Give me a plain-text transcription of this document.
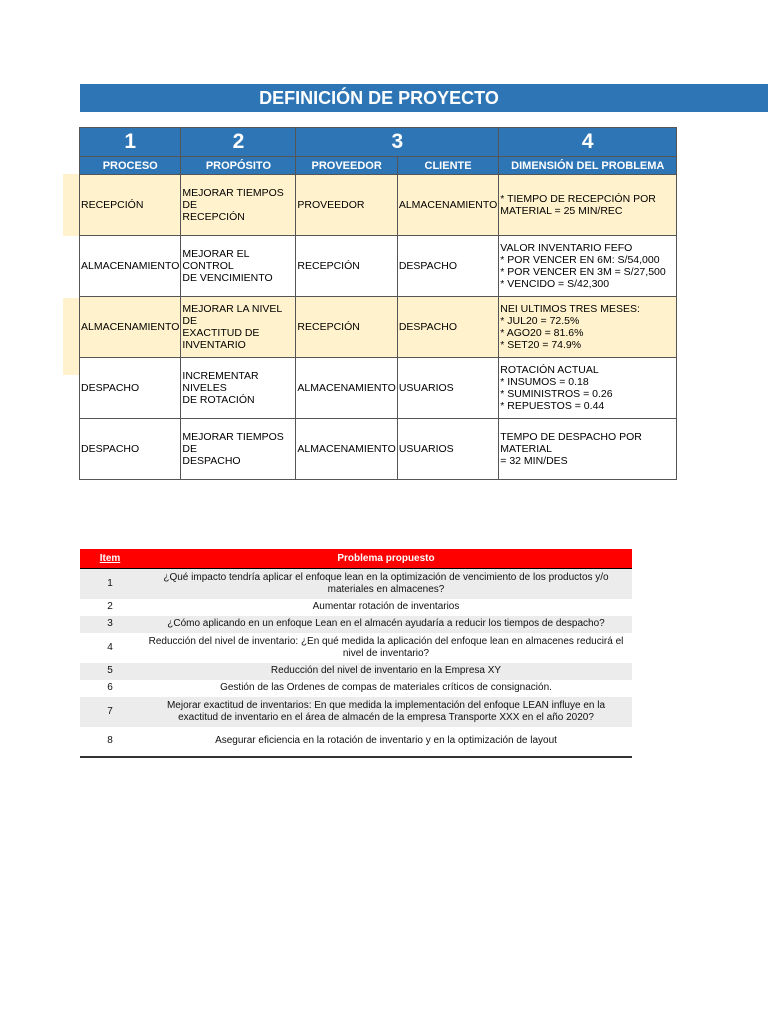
DEFINICIÓN DE PROYECTO
1	2	3		4
PROCESO	PROPÓSITO	PROVEEDOR	CLIENTE	DIMENSIÓN DEL PROBLEMA

RECEPCIÓN	MEJORAR TIEMPOS DE
RECEPCIÓN	PROVEEDOR	ALMACENAMIENTO	* TIEMPO DE RECEPCIÓN POR
MATERIAL = 25 MIN/REC

ALMACENAMIENTO	MEJORAR EL CONTROL
DE VENCIMIENTO	RECEPCIÓN	DESPACHO	VALOR INVENTARIO FEFO
* POR VENCER EN 6M: S/54,000
* POR VENCER EN 3M = S/27,500
* VENCIDO = S/42,300

ALMACENAMIENTO	MEJORAR LA NIVEL DE
EXACTITUD DE
INVENTARIO	RECEPCIÓN	DESPACHO	NEI ULTIMOS TRES MESES:
* JUL20 = 72.5%
* AGO20 = 81.6%
* SET20 = 74.9%

DESPACHO	INCREMENTAR NIVELES
DE ROTACIÓN	ALMACENAMIENTO	USUARIOS	ROTACIÓN ACTUAL
* INSUMOS = 0.18
* SUMINISTROS = 0.26
* REPUESTOS = 0.44

DESPACHO	MEJORAR TIEMPOS DE
DESPACHO	ALMACENAMIENTO	USUARIOS	TEMPO DE DESPACHO POR MATERIAL
= 32 MIN/DES
Item	Problema propuesto
1	¿Qué impacto tendría aplicar el enfoque lean en la optimización de vencimiento de los productos y/o
materiales en almacenes?
2	Aumentar rotación de inventarios
3	¿Cómo aplicando en un enfoque Lean en el almacén ayudaría a reducir los tiempos de despacho?
4	Reducción del nivel de inventario: ¿En qué medida la aplicación del enfoque lean en almacenes reducirá el
nivel de inventario?
5	Reducción del nivel de inventario en la Empresa XY
6	Gestión de las Ordenes de compas de materiales críticos de consignación.
7	Mejorar exactitud de inventarios: En que medida la implementación del enfoque LEAN influye en la
exactitud de inventario en el área de almacén de la empresa Transporte XXX en el año 2020?
8	Asegurar eficiencia en la rotación de inventario y en la optimización de layout
